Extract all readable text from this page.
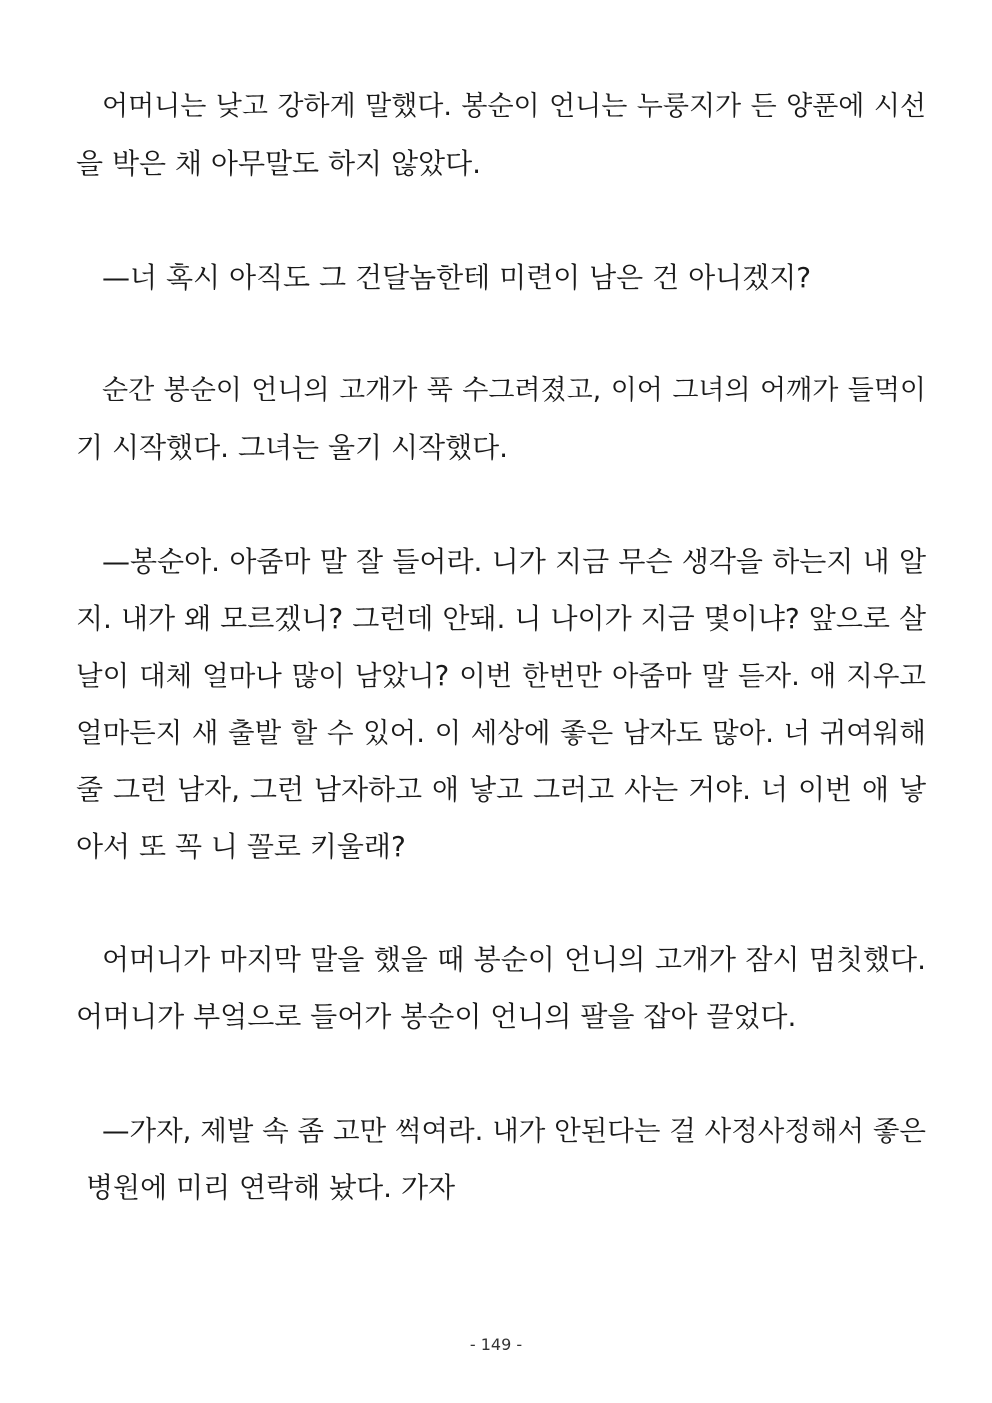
어머니는 낮고 강하게 말했다. 봉순이 언니는 누룽지가 든 양푼에 시선
을 박은 채 아무말도 하지 않았다.
—너 혹시 아직도 그 건달놈한테 미련이 남은 건 아니겠지?
순간 봉순이 언니의 고개가 푹 수그려졌고, 이어 그녀의 어깨가 들먹이
기 시작했다. 그녀는 울기 시작했다.
—봉순아. 아줌마 말 잘 들어라. 니가 지금 무슨 생각을 하는지 내 알
지. 내가 왜 모르겠니? 그런데 안돼. 니 나이가 지금 몇이냐? 앞으로 살
날이 대체 얼마나 많이 남았니? 이번 한번만 아줌마 말 듣자. 애 지우고
얼마든지 새 출발 할 수 있어. 이 세상에 좋은 남자도 많아. 너 귀여워해
줄 그런 남자, 그런 남자하고 애 낳고 그러고 사는 거야. 너 이번 애 낳
아서 또 꼭 니 꼴로 키울래?
어머니가 마지막 말을 했을 때 봉순이 언니의 고개가 잠시 멈칫했다.
어머니가 부엌으로 들어가 봉순이 언니의 팔을 잡아 끌었다.
—가자, 제발 속 좀 고만 썩여라. 내가 안된다는 걸 사정사정해서 좋은
병원에 미리 연락해 놨다. 가자
- 149 -
